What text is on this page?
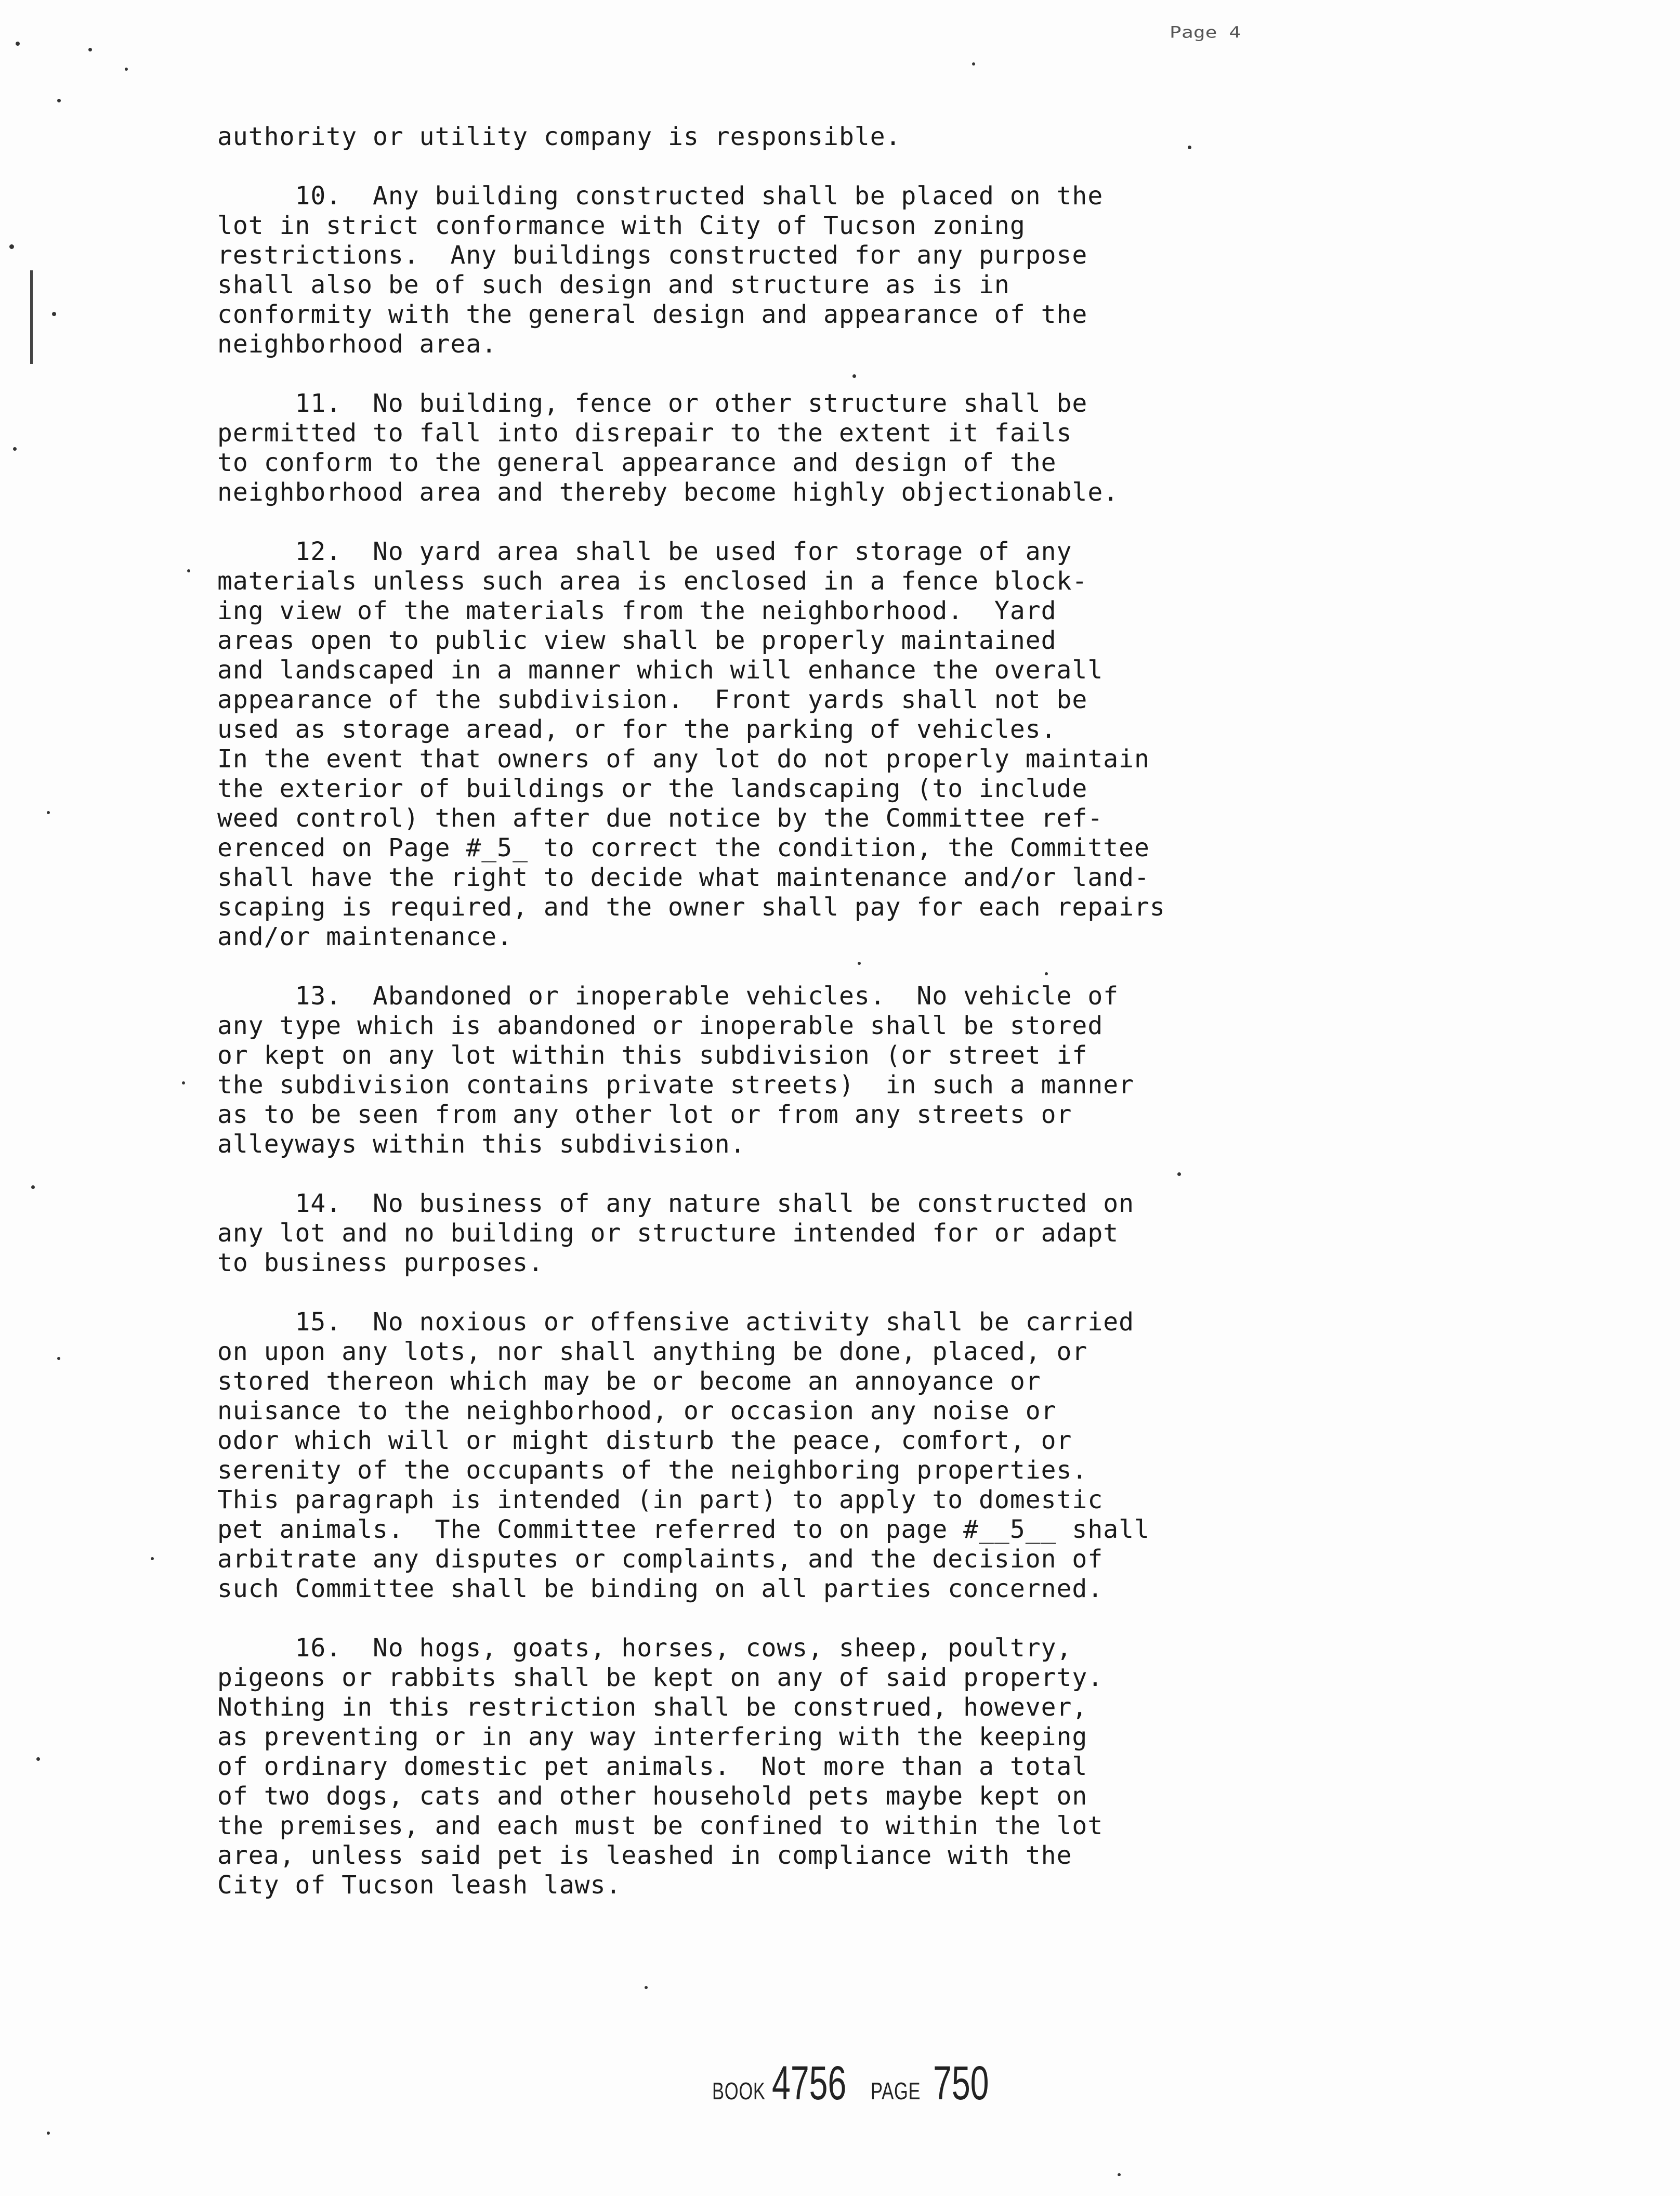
Page 4
authority or utility company is responsible.
10.  Any building constructed shall be placed on the
lot in strict conformance with City of Tucson zoning
restrictions.  Any buildings constructed for any purpose
shall also be of such design and structure as is in
conformity with the general design and appearance of the
neighborhood area.
11.  No building, fence or other structure shall be
permitted to fall into disrepair to the extent it fails
to conform to the general appearance and design of the
neighborhood area and thereby become highly objectionable.
12.  No yard area shall be used for storage of any
materials unless such area is enclosed in a fence block-
ing view of the materials from the neighborhood.  Yard
areas open to public view shall be properly maintained
and landscaped in a manner which will enhance the overall
appearance of the subdivision.  Front yards shall not be
used as storage aread, or for the parking of vehicles.
In the event that owners of any lot do not properly maintain
the exterior of buildings or the landscaping (to include
weed control) then after due notice by the Committee ref-
erenced on Page #_5_ to correct the condition, the Committee
shall have the right to decide what maintenance and/or land-
scaping is required, and the owner shall pay for each repairs
and/or maintenance.
13.  Abandoned or inoperable vehicles.  No vehicle of
any type which is abandoned or inoperable shall be stored
or kept on any lot within this subdivision (or street if
the subdivision contains private streets)  in such a manner
as to be seen from any other lot or from any streets or
alleyways within this subdivision.
14.  No business of any nature shall be constructed on
any lot and no building or structure intended for or adapt
to business purposes.
15.  No noxious or offensive activity shall be carried
on upon any lots, nor shall anything be done, placed, or
stored thereon which may be or become an annoyance or
nuisance to the neighborhood, or occasion any noise or
odor which will or might disturb the peace, comfort, or
serenity of the occupants of the neighboring properties.
This paragraph is intended (in part) to apply to domestic
pet animals.  The Committee referred to on page #__5__ shall
arbitrate any disputes or complaints, and the decision of
such Committee shall be binding on all parties concerned.
16.  No hogs, goats, horses, cows, sheep, poultry,
pigeons or rabbits shall be kept on any of said property.
Nothing in this restriction shall be construed, however,
as preventing or in any way interfering with the keeping
of ordinary domestic pet animals.  Not more than a total
of two dogs, cats and other household pets maybe kept on
the premises, and each must be confined to within the lot
area, unless said pet is leashed in compliance with the
City of Tucson leash laws.
BOOK 4756 PAGE 750
